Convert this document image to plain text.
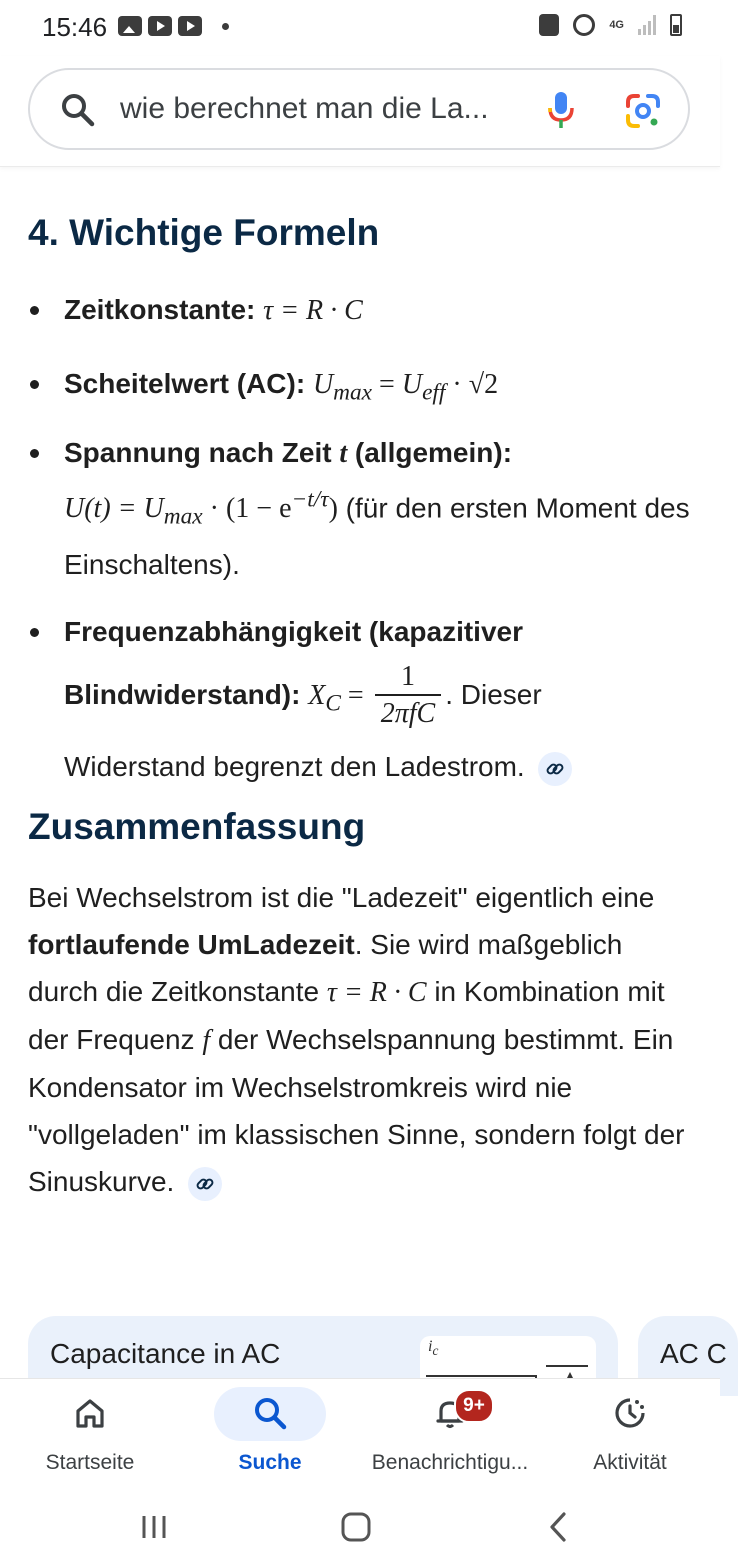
15:46	4G
wie berechnet man die La...
4. Wichtige Formeln
Zeitkonstante: τ = R · C
Scheitelwert (AC): $U_{max} = U_{eff} \cdot √2$
Spannung nach Zeit t (allgemein):
$U(t) = U_{max} \cdot (1 - e^{-t/\tau})$ (für den ersten Moment des Einschaltens).
Frequenzabhängigkeit (kapazitiver
Blindwiderstand): $X_C = \frac{1}{\text{2πfC}}$ . Dieser
Widerstand begrenzt den Ladestrom.
Zusammenfassung

Bei Wechselstrom ist die "Ladezeit" eigentlich eine fortlaufende UmLadezeit. Sie wird maßgeblich durch die Zeitkonstante τ = R · C in Kombination mit der Frequenz f der Wechselspannung bestimmt. Ein Kondensator im Wechselstromkreis wird nie "vollgeladen" im klassischen Sinne, sondern folgt der Sinuskurve.

Capacitance in AC	$i_c$	AC C
Startseite	Suche
9+
Benachrichtigu...	Aktivität
